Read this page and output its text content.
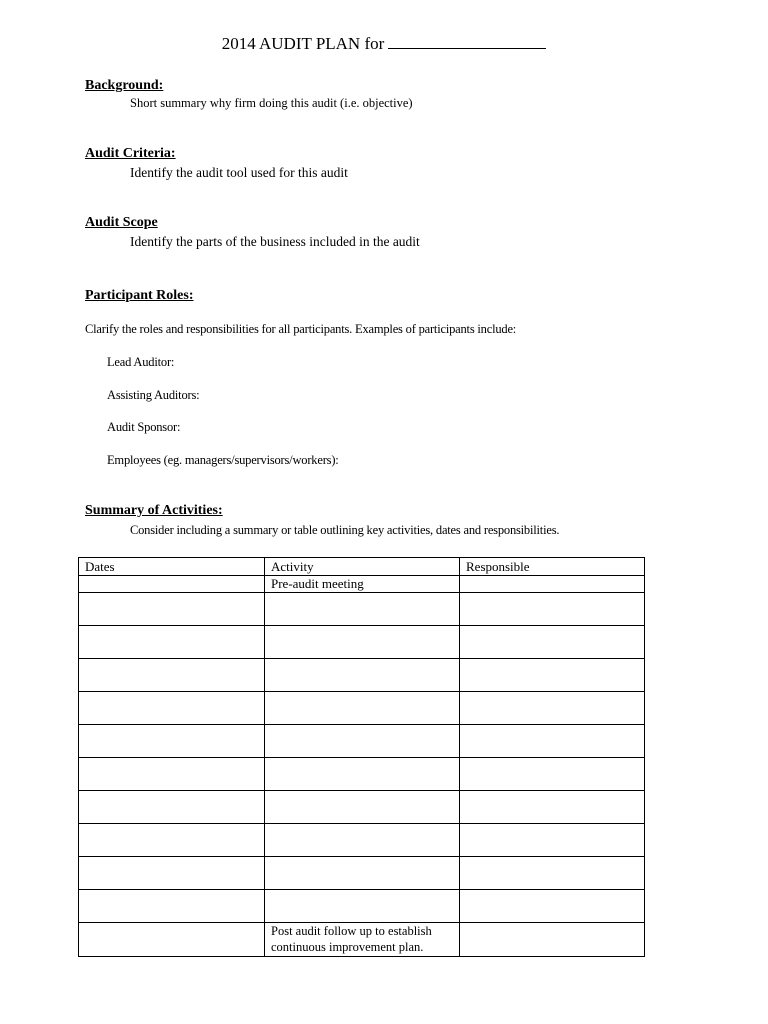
2014 AUDIT PLAN for
Background:
Short summary why firm doing this audit (i.e. objective)
Audit Criteria:
Identify the audit tool used for this audit
Audit Scope
Identify the parts of the business included in the audit
Participant Roles:
Clarify the roles and responsibilities for all participants. Examples of participants include:
Lead Auditor:
Assisting Auditors:
Audit Sponsor:
Employees (eg. managers/supervisors/workers):
Summary of Activities:
Consider including a summary or table outlining key activities, dates and responsibilities.
Dates	Activity	Responsible
	Pre-audit meeting	

	Post audit follow up to establish
continuous improvement plan.	
